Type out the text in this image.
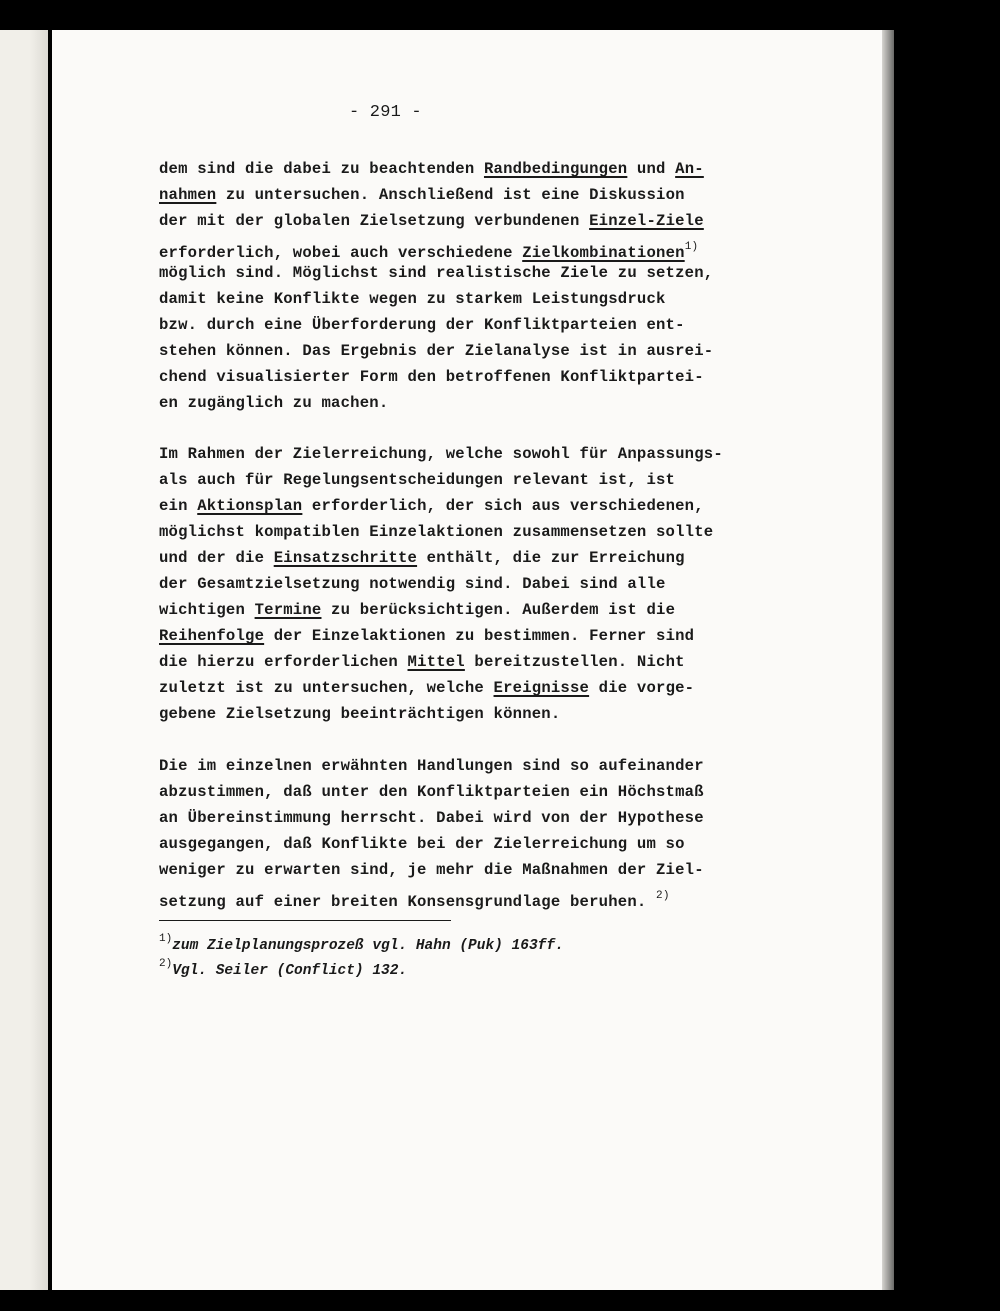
- 291 -
dem sind die dabei zu beachtenden Randbedingungen und An-
nahmen zu untersuchen. Anschließend ist eine Diskussion
der mit der globalen Zielsetzung verbundenen Einzel-Ziele
erforderlich, wobei auch verschiedene Zielkombinationen$^{1)}$
möglich sind. Möglichst sind realistische Ziele zu setzen,
damit keine Konflikte wegen zu starkem Leistungsdruck
bzw. durch eine Überforderung der Konfliktparteien ent-
stehen können. Das Ergebnis der Zielanalyse ist in ausrei-
chend visualisierter Form den betroffenen Konfliktpartei-
en zugänglich zu machen.
Im Rahmen der Zielerreichung, welche sowohl für Anpassungs-
als auch für Regelungsentscheidungen relevant ist, ist
ein Aktionsplan erforderlich, der sich aus verschiedenen,
möglichst kompatiblen Einzelaktionen zusammensetzen sollte
und der die Einsatzschritte enthält, die zur Erreichung
der Gesamtzielsetzung notwendig sind. Dabei sind alle
wichtigen Termine zu berücksichtigen. Außerdem ist die
Reihenfolge der Einzelaktionen zu bestimmen. Ferner sind
die hierzu erforderlichen Mittel bereitzustellen. Nicht
zuletzt ist zu untersuchen, welche Ereignisse die vorge-
gebene Zielsetzung beeinträchtigen können.
Die im einzelnen erwähnten Handlungen sind so aufeinander
abzustimmen, daß unter den Konfliktparteien ein Höchstmaß
an Übereinstimmung herrscht. Dabei wird von der Hypothese
ausgegangen, daß Konflikte bei der Zielerreichung um so
weniger zu erwarten sind, je mehr die Maßnahmen der Ziel-
setzung auf einer breiten Konsensgrundlage beruhen. $^{2)}$
$^{1)}$zum Zielplanungsprozeß vgl. Hahn (Puk) 163ff.
$^{2)}$Vgl. Seiler (Conflict) 132.
